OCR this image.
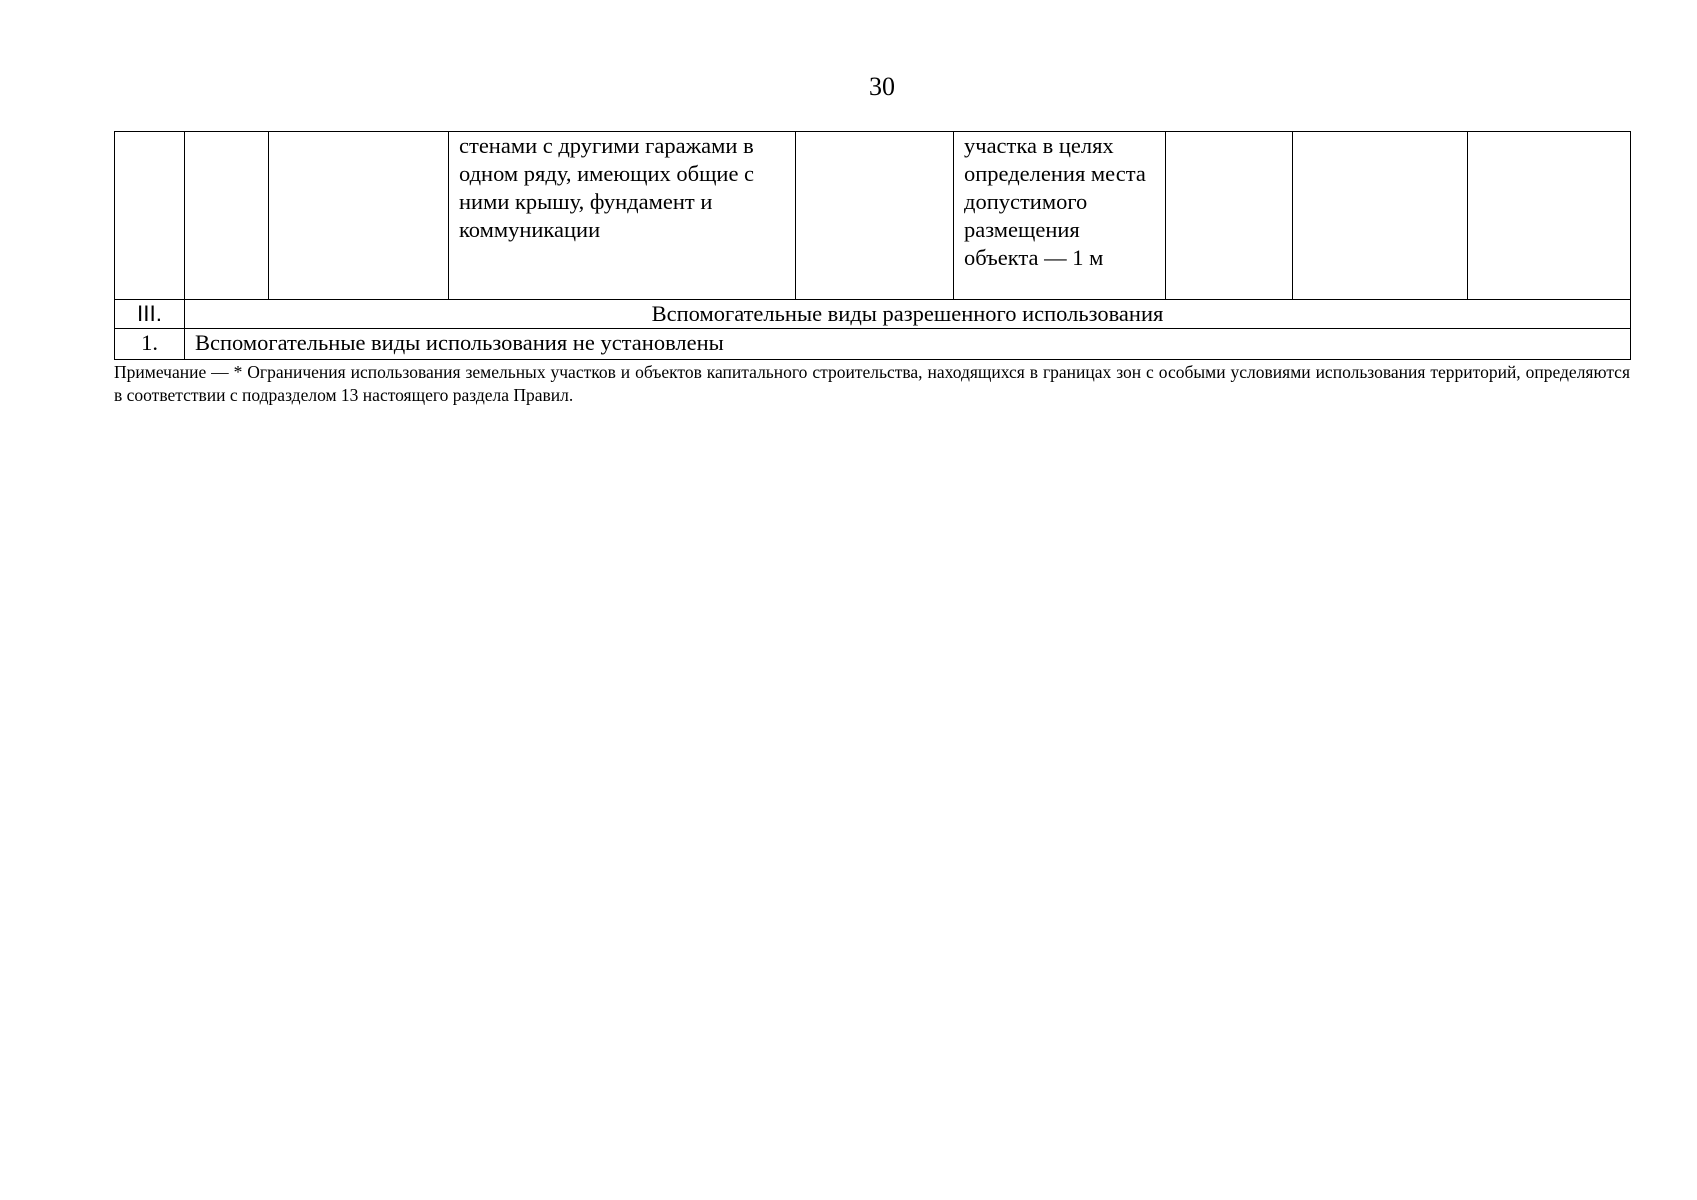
30
			стенами с другими гаражами в одном ряду, имеющих общие с ними крышу, фундамент и коммуникации		участка в целях определения места допустимого размещения объекта — 1 м			
III.	Вспомогательные виды разрешенного использования							
1.	Вспомогательные виды использования не установлены							
Примечание — * Ограничения использования земельных участков и объектов капитального строительства, находящихся в границах зон с особыми условиями использования территорий, определяются в соответствии с подразделом 13 настоящего раздела Правил.
